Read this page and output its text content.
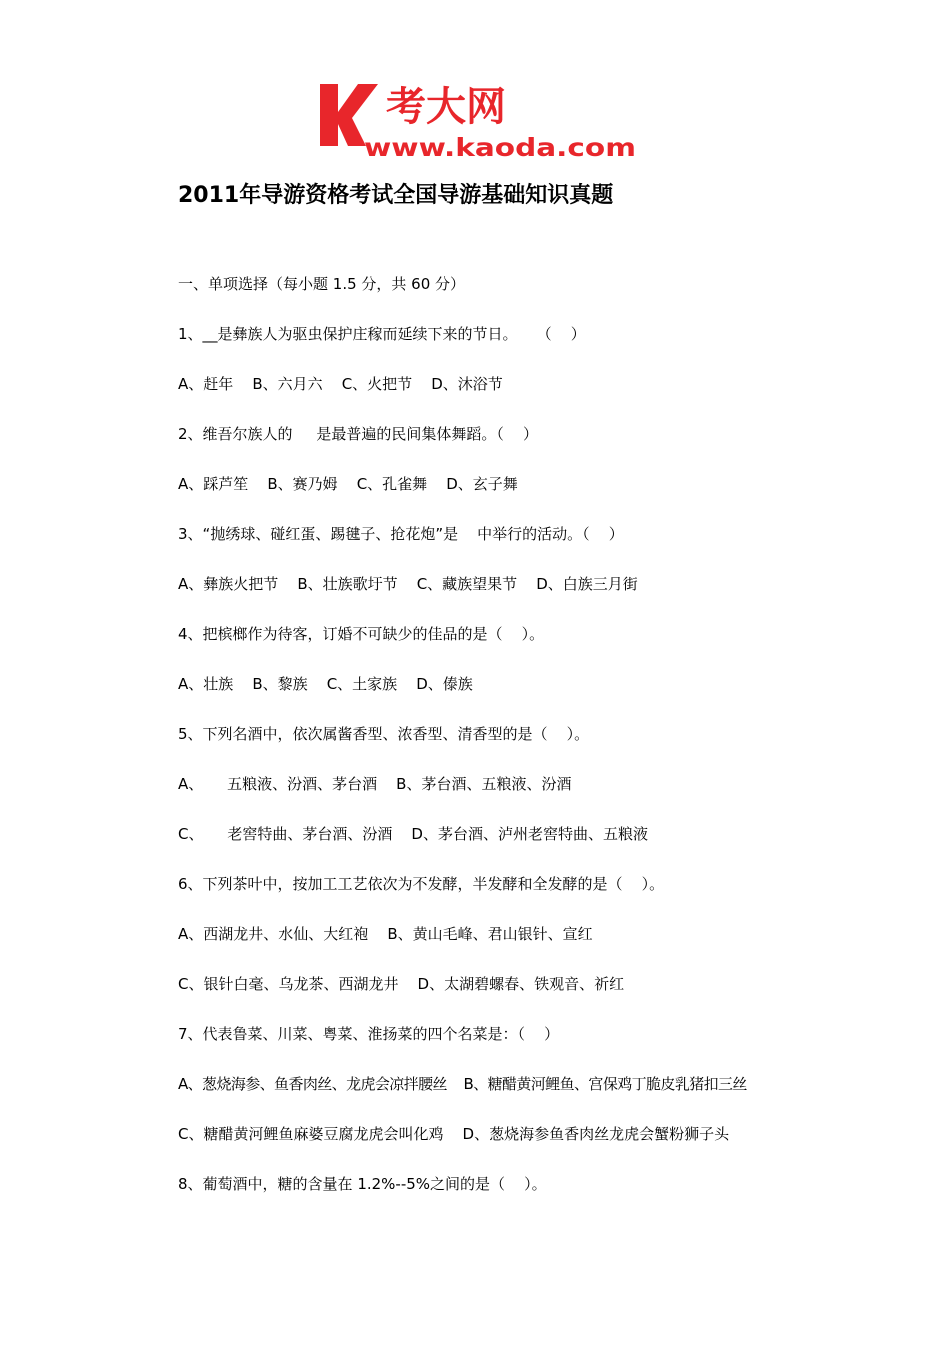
考大网
www.kaoda.com
2011年导游资格考试全国导游基础知识真题
一、单项选择（每小题 1.5 分，共 60 分）
1、__是彝族人为驱虫保护庄稼而延续下来的节日。    （    ）
A、赶年    B、六月六    C、火把节    D、沐浴节
2、维吾尔族人的     是最普遍的民间集体舞蹈。（    ）
A、踩芦笙    B、赛乃姆    C、孔雀舞    D、玄子舞
3、“抛绣球、碰红蛋、踢毽子、抢花炮”是    中举行的活动。（    ）
A、彝族火把节    B、壮族歌圩节    C、藏族望果节    D、白族三月街
4、把槟榔作为待客，订婚不可缺少的佳品的是（    ）。
A、壮族    B、黎族    C、土家族    D、傣族
5、下列名酒中，依次属酱香型、浓香型、清香型的是（    ）。
A、     五粮液、汾酒、茅台酒    B、茅台酒、五粮液、汾酒
C、     老窖特曲、茅台酒、汾酒    D、茅台酒、泸州老窖特曲、五粮液
6、下列茶叶中，按加工工艺依次为不发酵，半发酵和全发酵的是（    ）。
A、西湖龙井、水仙、大红袍    B、黄山毛峰、君山银针、宣红
C、银针白毫、乌龙茶、西湖龙井    D、太湖碧螺春、铁观音、祈红
7、代表鲁菜、川菜、粤菜、淮扬菜的四个名菜是：（    ）
A、葱烧海参、鱼香肉丝、龙虎会凉拌腰丝    B、糖醋黄河鲤鱼、宫保鸡丁脆皮乳猪扣三丝
C、糖醋黄河鲤鱼麻婆豆腐龙虎会叫化鸡    D、葱烧海参鱼香肉丝龙虎会蟹粉狮子头
8、葡萄酒中，糖的含量在 1.2%--5%之间的是（    ）。
